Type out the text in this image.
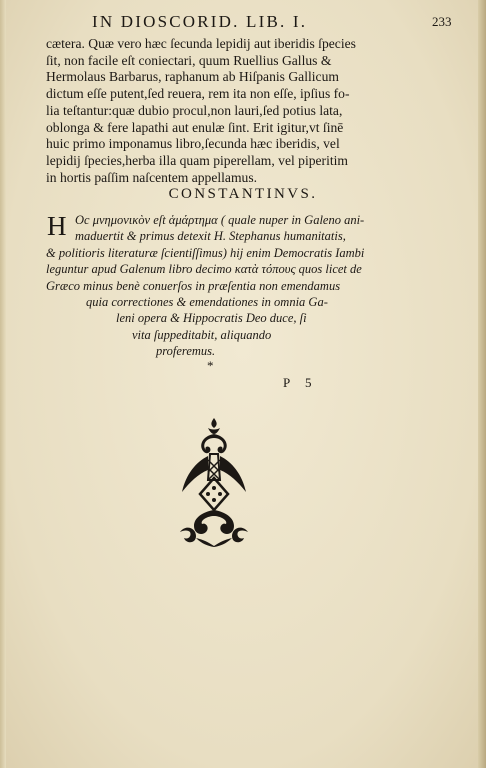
IN DIOSCORID. LIB. I.	233
cætera. Quæ vero hæc ſecunda lepidij aut iberidis ſpecies
ſit, non facile eſt coniectari, quum Ruellius Gallus &
Hermolaus Barbarus, raphanum ab Hiſpanis Gallicum
dictum eſſe putent,ſed reuera, rem ita non eſſe, ipſius fo-
lia teſtantur:quæ dubio procul,non lauri,ſed potius lata,
oblonga & fere lapathi aut enulæ ſint. Erit igitur,vt ſinē
huic primo imponamus libro,ſecunda hæc iberidis, vel
lepidij ſpecies,herba illa quam piperellam, vel piperitim
in hortis paſſim naſcentem appellamus.
CONSTANTINVS.
H Oc μνημονικὸν eſt ἁμάρτημα ( quale nuper in Galeno ani-
maduertit & primus detexit H. Stephanus humanitatis,
& politioris literaturæ ſcientiſſimus) hij enim Democratis Iambi
leguntur apud Galenum libro decimo κατὰ τόπους quos licet de
Græco minus benè conuerſos in præſentia non emendamus
quia correctiones & emendationes in omnia Ga-
leni opera & Hippocratis Deo duce, ſi
vita ſuppeditabit, aliquando
proferemus.
*
P 5
